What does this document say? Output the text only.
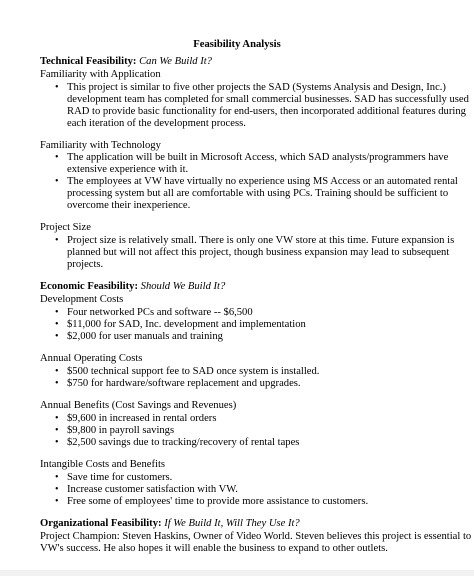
Feasibility Analysis
Technical Feasibility: Can We Build It?
Familiarity with Application
• This project is similar to five other projects the SAD (Systems Analysis and Design, Inc.)
development team has completed for small commercial businesses. SAD has successfully used
RAD to provide basic functionality for end-users, then incorporated additional features during
each iteration of the development process.
Familiarity with Technology
• The application will be built in Microsoft Access, which SAD analysts/programmers have
extensive experience with it.
• The employees at VW have virtually no experience using MS Access or an automated rental
processing system but all are comfortable with using PCs. Training should be sufficient to
overcome their inexperience.
Project Size
• Project size is relatively small. There is only one VW store at this time. Future expansion is
planned but will not affect this project, though business expansion may lead to subsequent
projects.
Economic Feasibility: Should We Build It?
Development Costs
• Four networked PCs and software -- $6,500
• $11,000 for SAD, Inc. development and implementation
• $2,000 for user manuals and training
Annual Operating Costs
• $500 technical support fee to SAD once system is installed.
• $750 for hardware/software replacement and upgrades.
Annual Benefits (Cost Savings and Revenues)
• $9,600 in increased in rental orders
• $9,800 in payroll savings
• $2,500 savings due to tracking/recovery of rental tapes
Intangible Costs and Benefits
• Save time for customers.
• Increase customer satisfaction with VW.
• Free some of employees' time to provide more assistance to customers.
Organizational Feasibility: If We Build It, Will They Use It?
Project Champion: Steven Haskins, Owner of Video World. Steven believes this project is essential to
VW's success. He also hopes it will enable the business to expand to other outlets.
